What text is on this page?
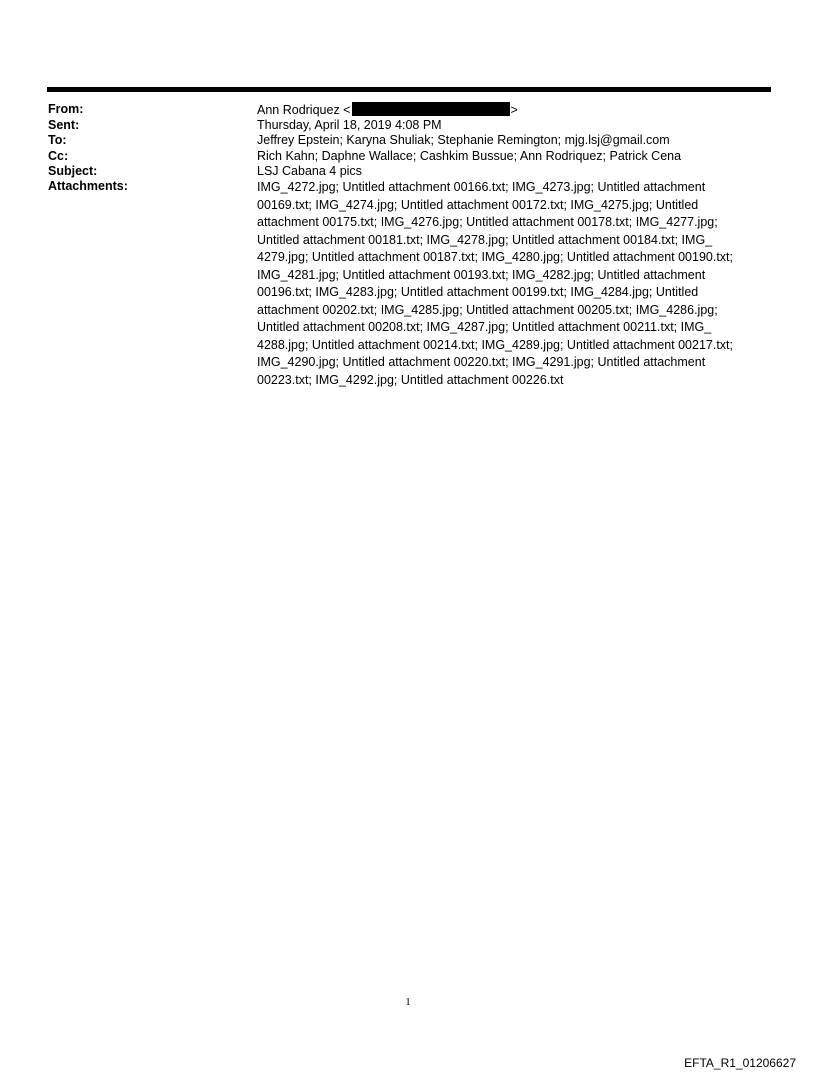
From:	Ann Rodriquez <	>
Sent:	Thursday, April 18, 2019 4:08 PM
To:	Jeffrey Epstein; Karyna Shuliak; Stephanie Remington; mjg.lsj@gmail.com
Cc:	Rich Kahn; Daphne Wallace; Cashkim Bussue; Ann Rodriquez; Patrick Cena
Subject:	LSJ Cabana 4 pics
Attachments:	IMG_4272.jpg; Untitled attachment 00166.txt; IMG_4273.jpg; Untitled attachment
00169.txt; IMG_4274.jpg; Untitled attachment 00172.txt; IMG_4275.jpg; Untitled
attachment 00175.txt; IMG_4276.jpg; Untitled attachment 00178.txt; IMG_4277.jpg;
Untitled attachment 00181.txt; IMG_4278.jpg; Untitled attachment 00184.txt; IMG_
4279.jpg; Untitled attachment 00187.txt; IMG_4280.jpg; Untitled attachment 00190.txt;
IMG_4281.jpg; Untitled attachment 00193.txt; IMG_4282.jpg; Untitled attachment
00196.txt; IMG_4283.jpg; Untitled attachment 00199.txt; IMG_4284.jpg; Untitled
attachment 00202.txt; IMG_4285.jpg; Untitled attachment 00205.txt; IMG_4286.jpg;
Untitled attachment 00208.txt; IMG_4287.jpg; Untitled attachment 00211.txt; IMG_
4288.jpg; Untitled attachment 00214.txt; IMG_4289.jpg; Untitled attachment 00217.txt;
IMG_4290.jpg; Untitled attachment 00220.txt; IMG_4291.jpg; Untitled attachment
00223.txt; IMG_4292.jpg; Untitled attachment 00226.txt
1
EFTA_R1_01206627
